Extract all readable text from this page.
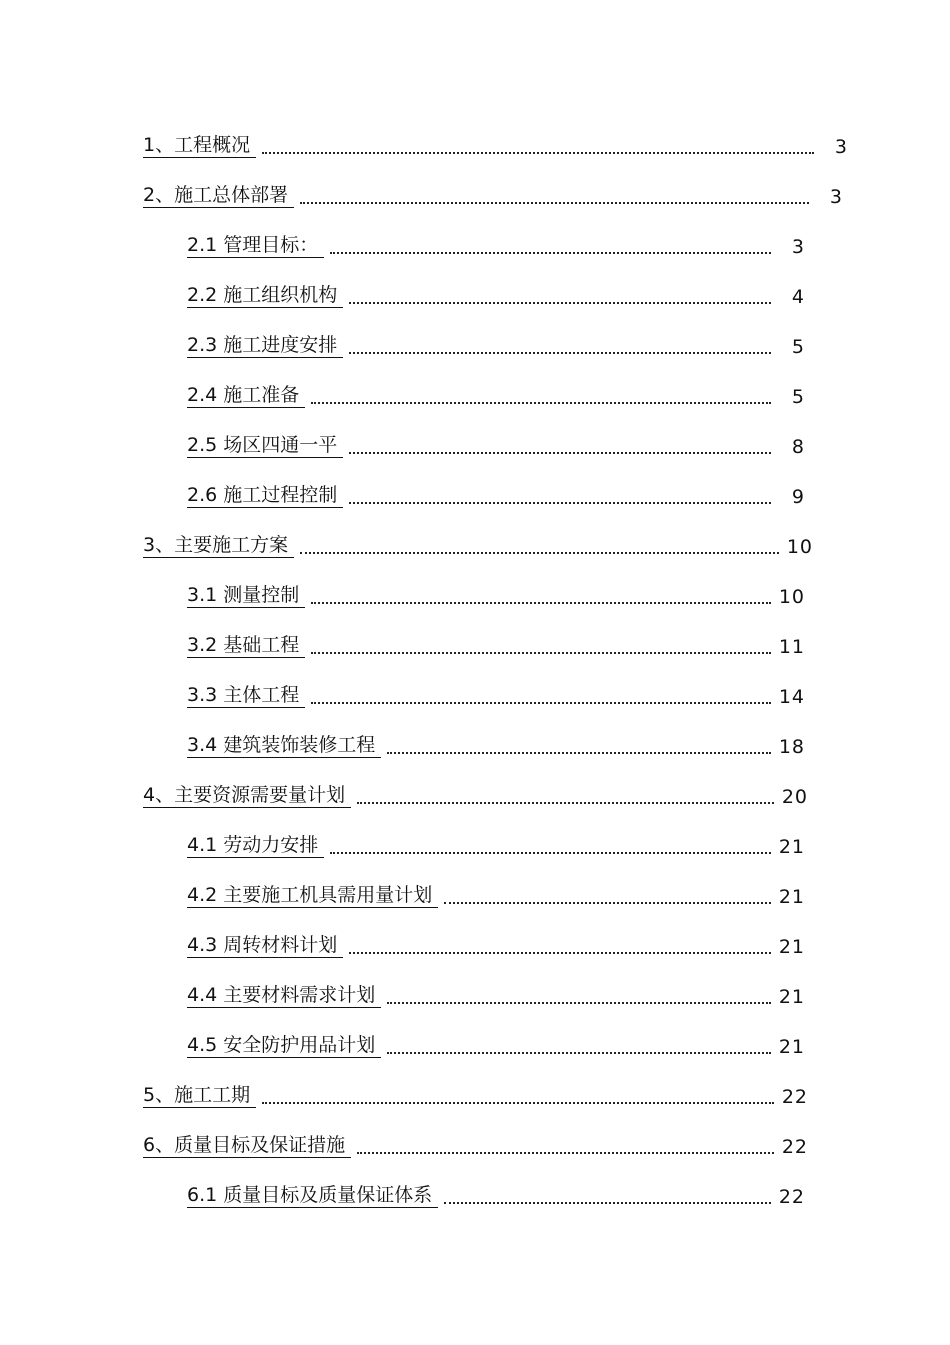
1、工程概况	3
2、施工总体部署	3
2.1 管理目标：	3
2.2 施工组织机构	4
2.3 施工进度安排	5
2.4 施工准备	5
2.5 场区四通一平	8
2.6 施工过程控制	9
3、主要施工方案	10
3.1 测量控制	10
3.2 基础工程	11
3.3 主体工程	14
3.4 建筑装饰装修工程	18
4、主要资源需要量计划	20
4.1 劳动力安排	21
4.2 主要施工机具需用量计划	21
4.3 周转材料计划	21
4.4 主要材料需求计划	21
4.5 安全防护用品计划	21
5、施工工期	22
6、质量目标及保证措施	22
6.1 质量目标及质量保证体系	22
